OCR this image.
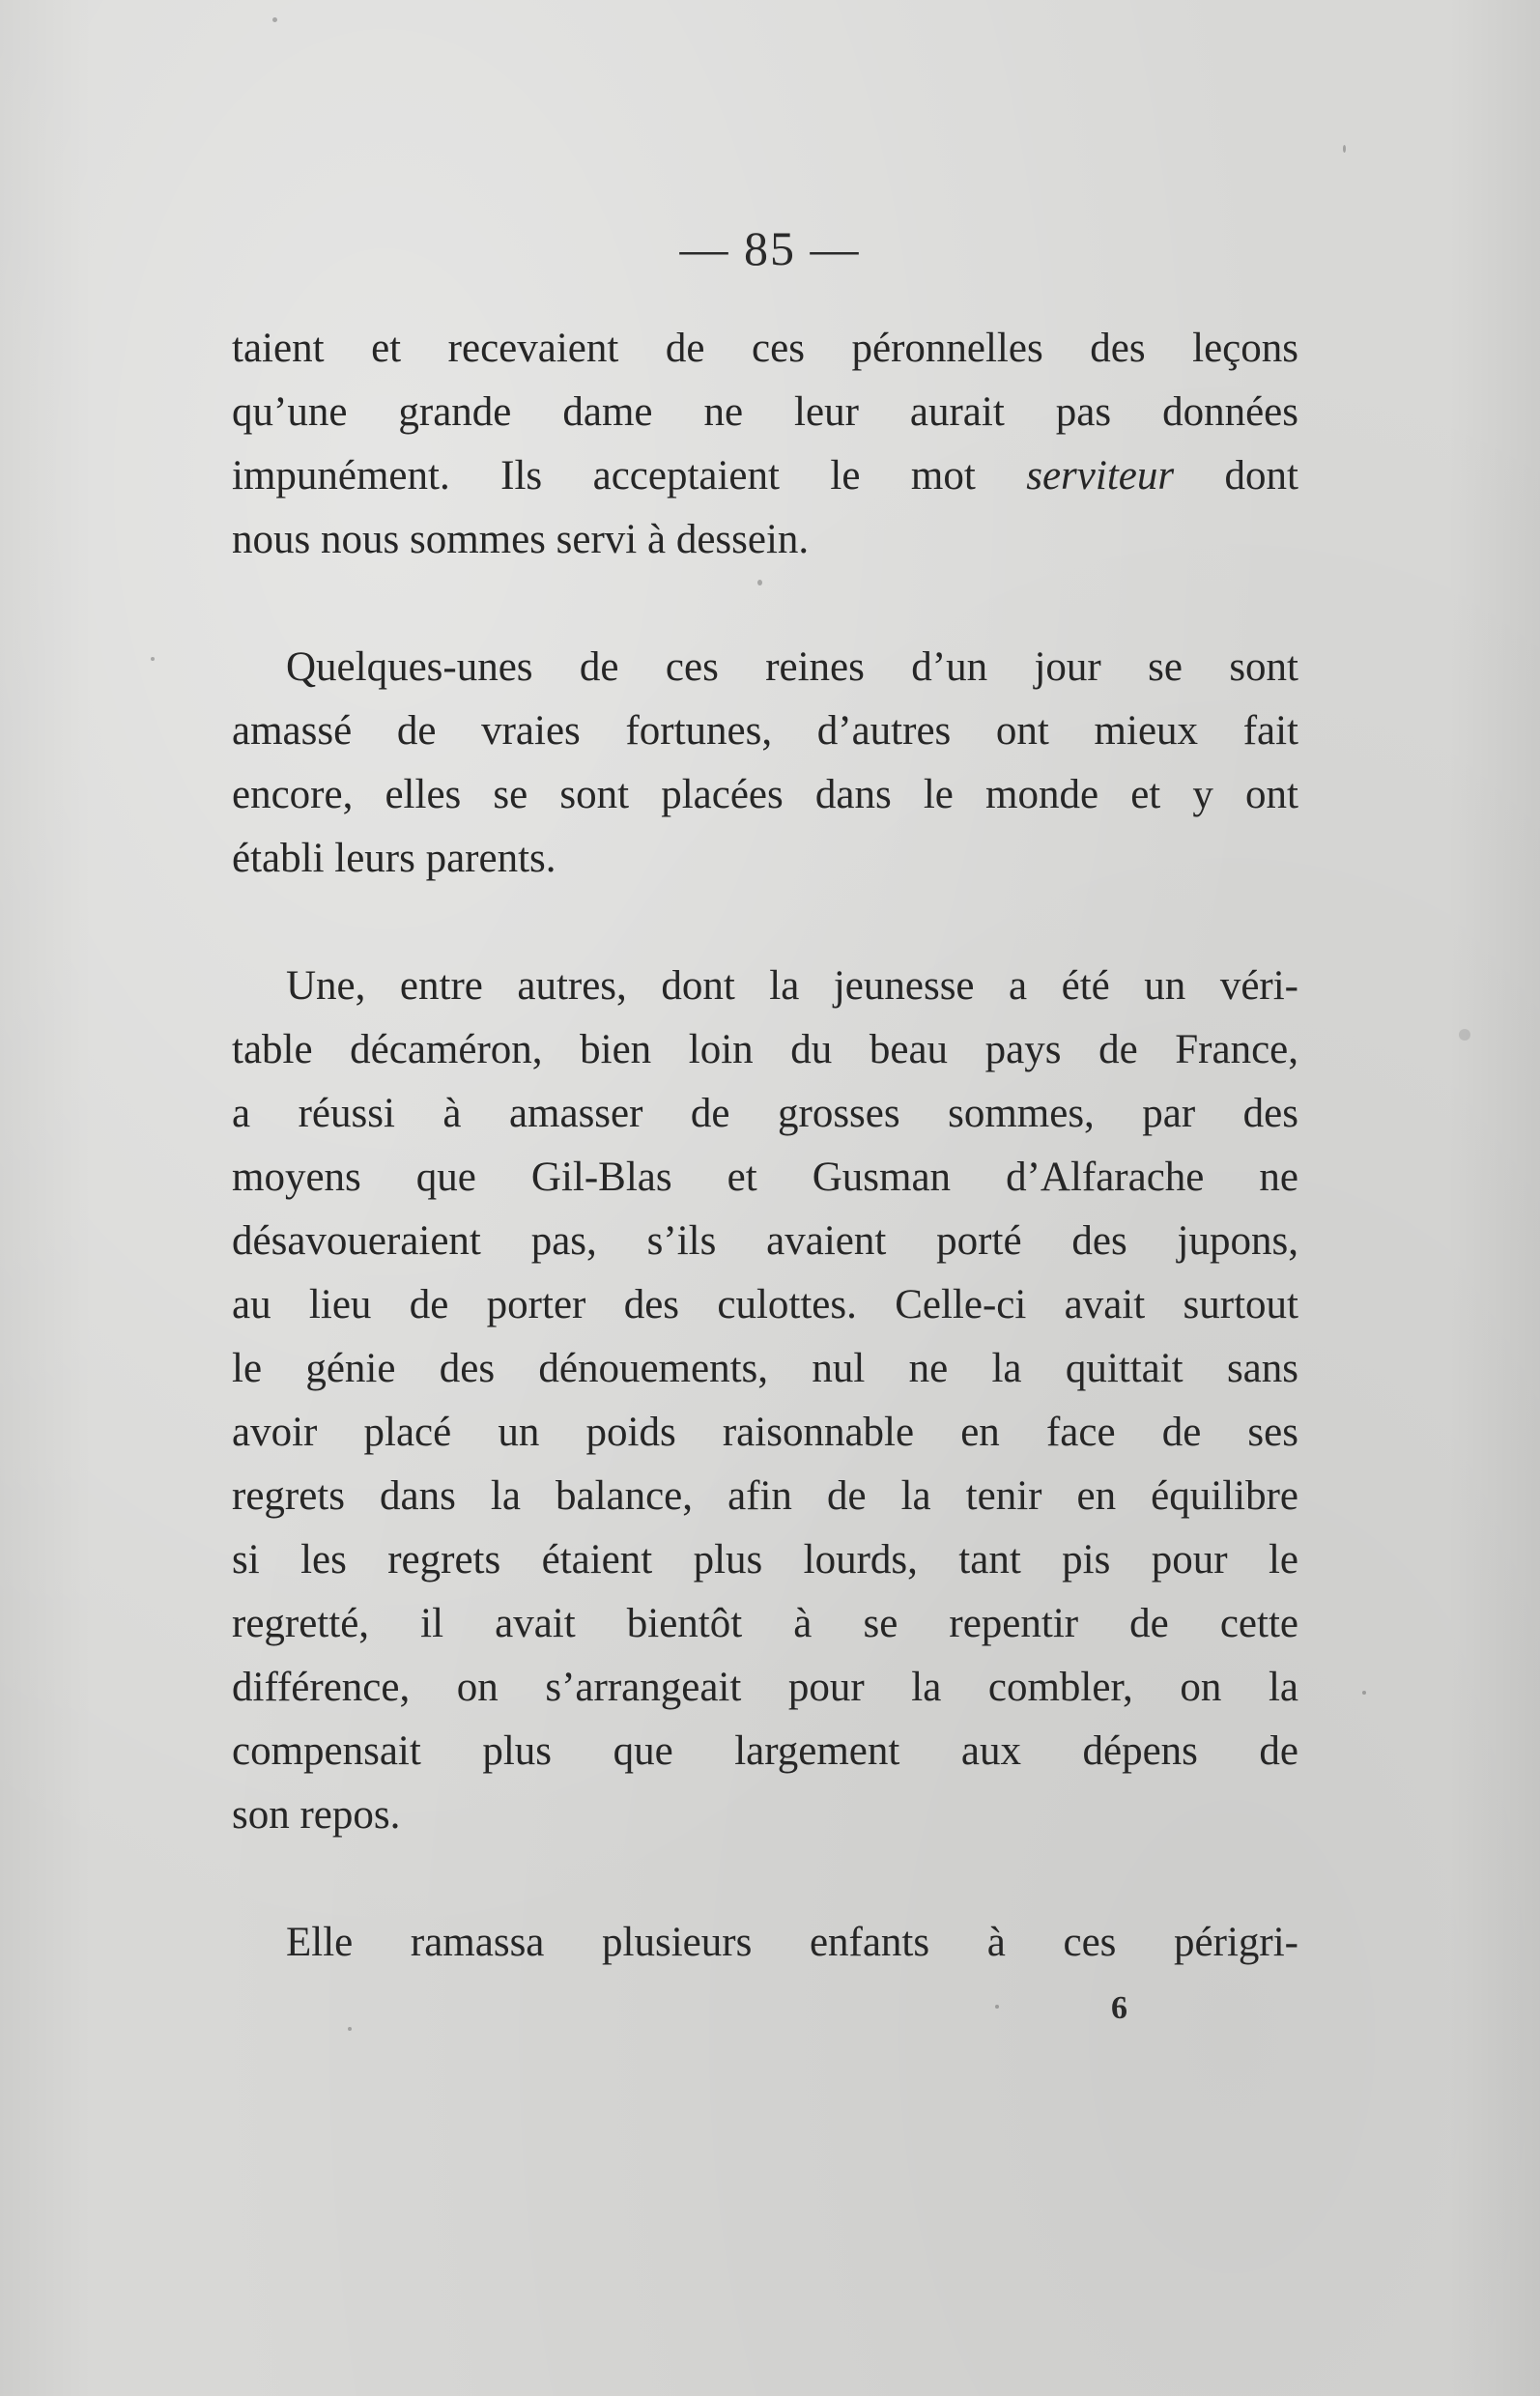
— 85 —
taient et recevaient de ces péronnelles des leçons
qu’une grande dame ne leur aurait pas données
impunément. Ils acceptaient le mot serviteur dont
nous nous sommes servi à dessein.
Quelques-unes de ces reines d’un jour se sont
amassé de vraies fortunes, d’autres ont mieux fait
encore, elles se sont placées dans le monde et y ont
établi leurs parents.
Une, entre autres, dont la jeunesse a été un véri-
table décaméron, bien loin du beau pays de France,
a réussi à amasser de grosses sommes, par des
moyens que Gil-Blas et Gusman d’Alfarache ne
désavoueraient pas, s’ils avaient porté des jupons,
au lieu de porter des culottes. Celle-ci avait surtout
le génie des dénouements, nul ne la quittait sans
avoir placé un poids raisonnable en face de ses
regrets dans la balance, afin de la tenir en équilibre
si les regrets étaient plus lourds, tant pis pour le
regretté, il avait bientôt à se repentir de cette
différence, on s’arrangeait pour la combler, on la
compensait plus que largement aux dépens de
son repos.
Elle ramassa plusieurs enfants à ces périgri-
6
